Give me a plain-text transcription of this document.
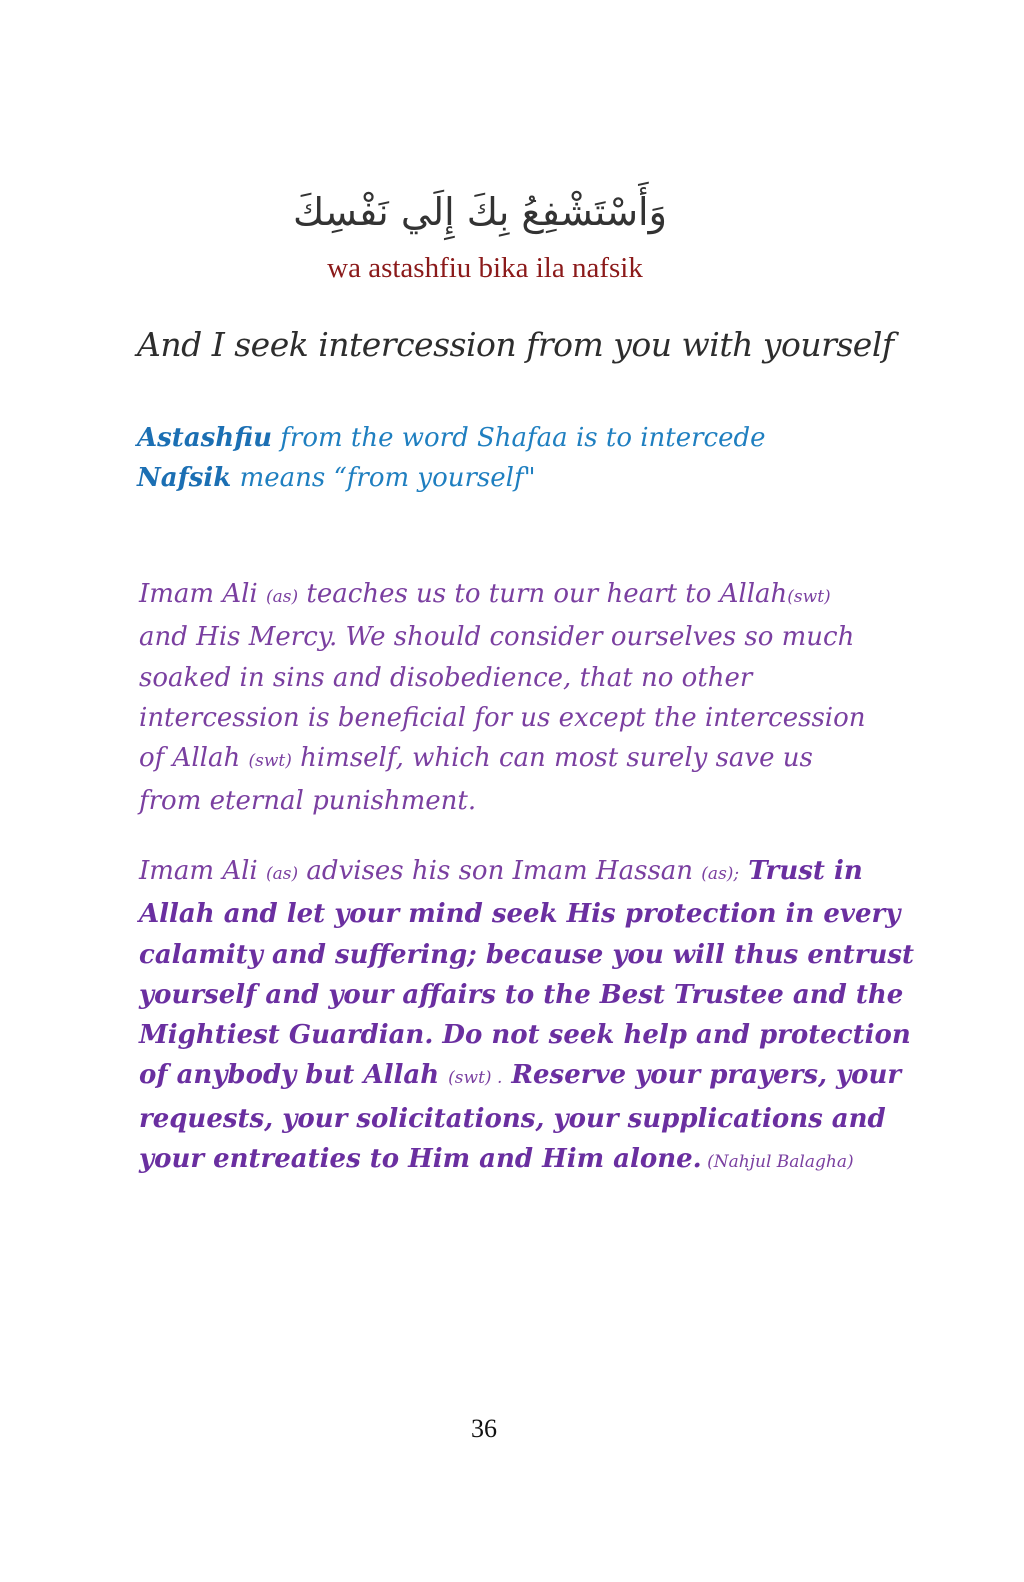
وَأَسْتَشْفِعُ بِكَ إِلَي نَفْسِكَ
wa astashfiu bika ila nafsik
And I seek intercession from you with yourself
Astashfiu from the word Shafaa is to intercede
Nafsik means “from yourself"
Imam Ali (as) teaches us to turn our heart to Allah(swt)
and His Mercy. We should consider ourselves so much
soaked in sins and disobedience, that no other
intercession is beneficial for us except the intercession
of Allah (swt) himself, which can most surely save us
from eternal punishment.
Imam Ali (as) advises his son Imam Hassan (as); Trust in
Allah and let your mind seek His protection in every
calamity and suffering; because you will thus entrust
yourself and your affairs to the Best Trustee and the
Mightiest Guardian. Do not seek help and protection
of anybody but Allah (swt) . Reserve your prayers, your
requests, your solicitations, your supplications and
your entreaties to Him and Him alone. (Nahjul Balagha)
36
